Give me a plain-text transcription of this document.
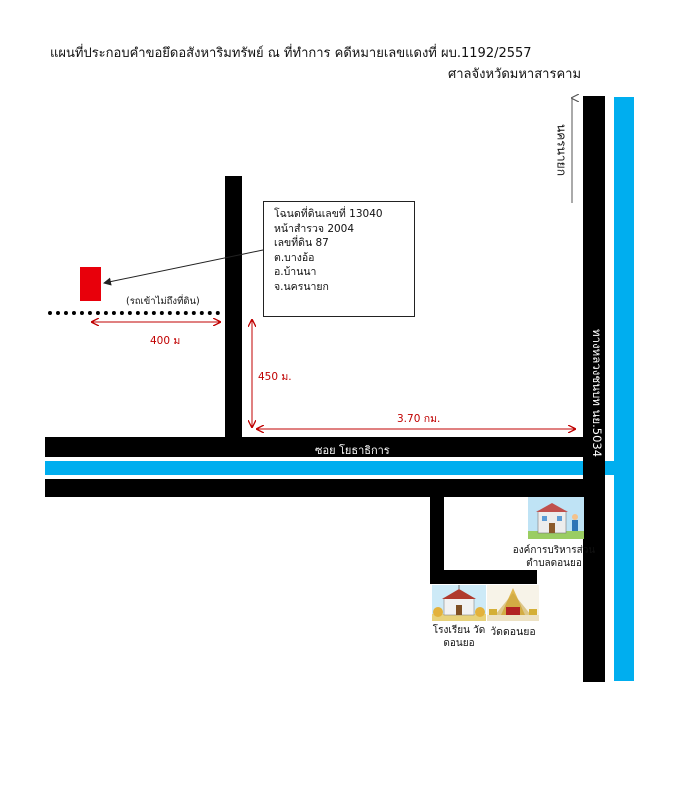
แผนที่ประกอบคำขอยึดอสังหาริมทรัพย์ ณ ที่ทำการ คดีหมายเลขแดงที่ ผบ.1192/2557
ศาลจังหวัดมหาสารคาม
ซอย โยธาธิการ	ทางหลวงชนบท นย.5034
นครนายก
(รถเข้าไม่ถึงที่ดิน)
โฉนดที่ดินเลขที่ 13040
หน้าสำรวจ 2004
เลขที่ดิน 87
ต.บางอ้อ
อ.บ้านนา
จ.นครนายก
400 ม
450 ม.
3.70 กม.
องค์การบริหารส่วน ตำบลดอนยอ
โรงเรียน วัดดอนยอ
วัดดอนยอ
